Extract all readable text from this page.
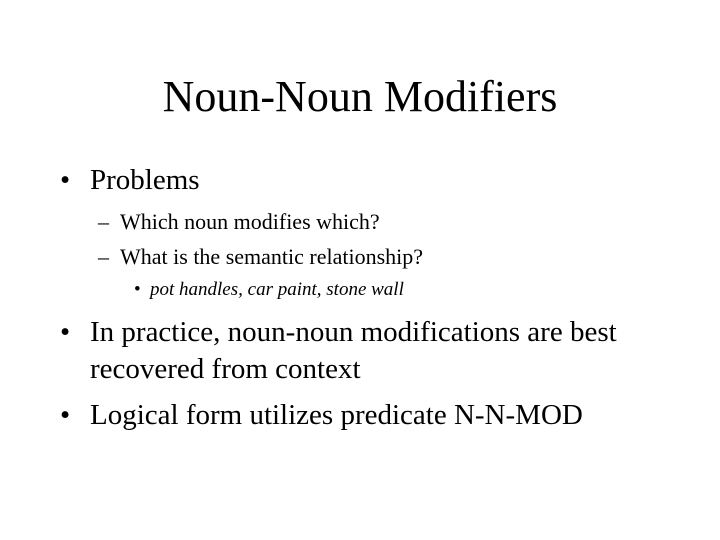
Noun-Noun Modifiers
• Problems
– Which noun modifies which?
– What is the semantic relationship?
• pot handles, car paint, stone wall
• In practice, noun-noun modifications are best recovered from context
• Logical form utilizes predicate N-N-MOD
